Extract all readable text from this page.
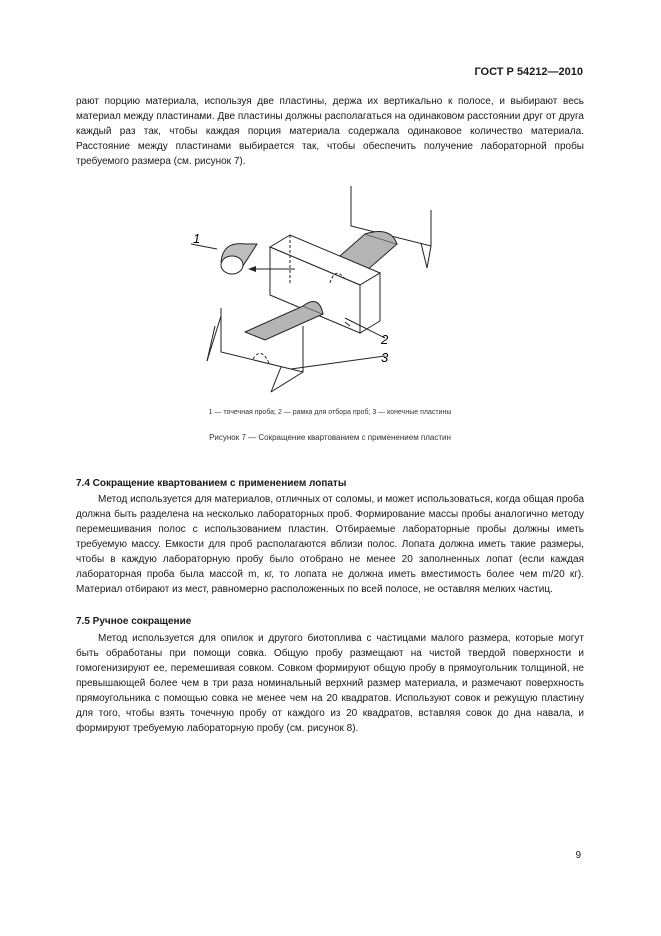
ГОСТ Р 54212—2010

рают порцию материала, используя две пластины, держа их вертикально к полосе, и выбирают весь материал между пластинами. Две пластины должны располагаться на одинаковом расстоянии друг от друга каждый раз так, чтобы каждая порция материала содержала одинаковое количество материала. Расстояние между пластинами выбирается так, чтобы обеспечить получение лабораторной пробы требуемого размера (см. рисунок 7).

1
2
3
1 — точечная проба; 2 — рамка для отбора проб; 3 — конечные пластины
Рисунок 7 — Сокращение квартованием с применением пластин
7.4 Сокращение квартованием с применением лопаты

Метод используется для материалов, отличных от соломы, и может использоваться, когда общая проба должна быть разделена на несколько лабораторных проб. Формирование массы пробы аналогично методу перемешивания полос с использованием пластин. Отбираемые лабораторные пробы должны иметь требуемую массу. Емкости для проб располагаются вблизи полос. Лопата должна иметь такие размеры, чтобы в каждую лабораторную пробу было отобрано не менее 20 заполненных лопат (если каждая лабораторная проба была массой m, кг, то лопата не должна иметь вместимость более чем m/20 кг). Материал отбирают из мест, равномерно расположенных по всей полосе, не оставляя мелких частиц.

7.5 Ручное сокращение

Метод используется для опилок и другого биотоплива с частицами малого размера, которые могут быть обработаны при помощи совка. Общую пробу размещают на чистой твердой поверхности и гомогенизируют ее, перемешивая совком. Совком формируют общую пробу в прямоугольник толщиной, не превышающей более чем в три раза номинальный верхний размер материала, и размечают поверхность прямоугольника с помощью совка не менее чем на 20 квадратов. Используют совок и режущую пластину для того, чтобы взять точечную пробу от каждого из 20 квадратов, вставляя совок до дна навала, и формируют требуемую лабораторную пробу (см. рисунок 8).

9
